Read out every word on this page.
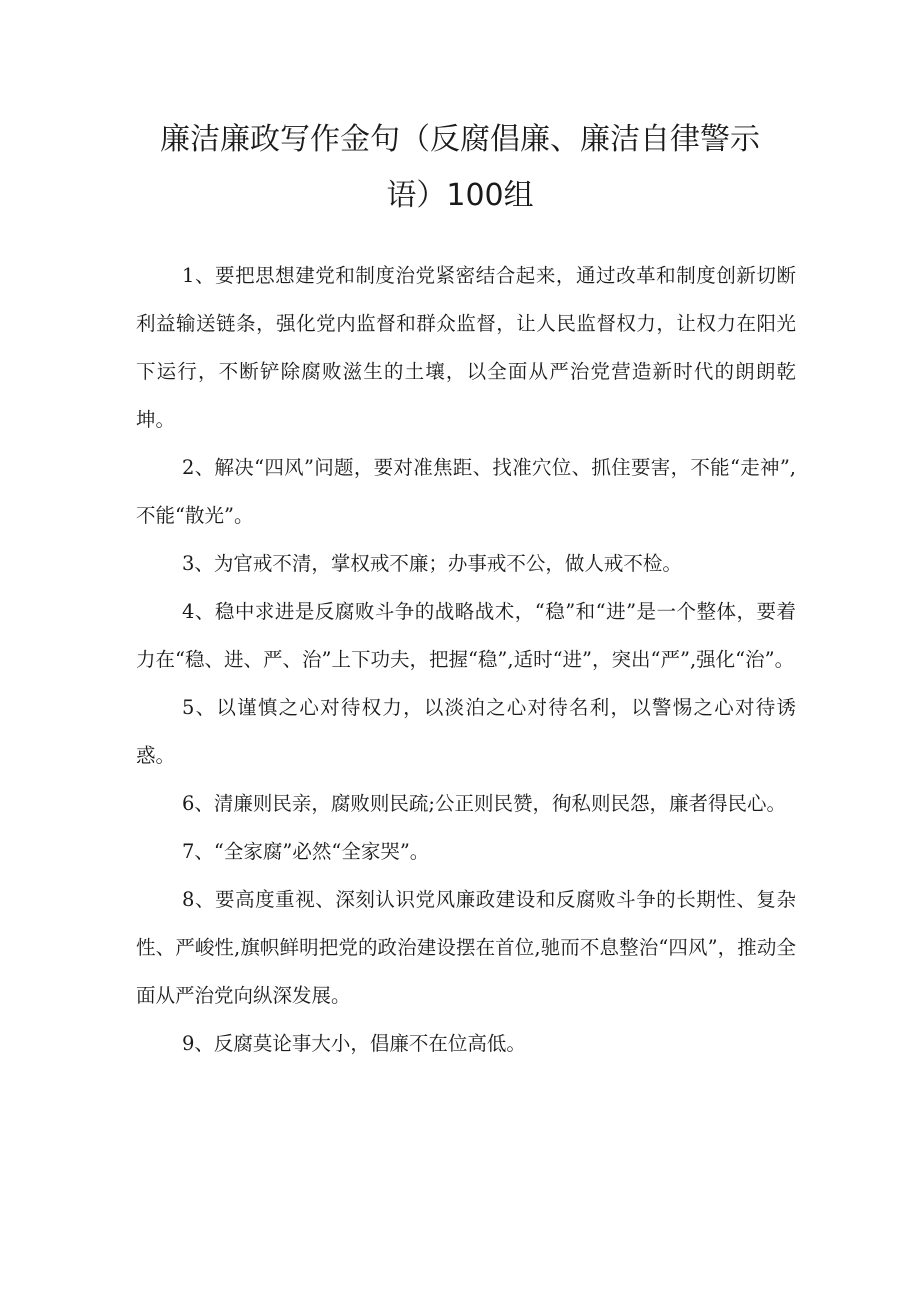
廉洁廉政写作金句（反腐倡廉、廉洁自律警示
语）100组

1、要把思想建党和制度治党紧密结合起来，通过改革和制度创新切断利益输送链条，强化党内监督和群众监督，让人民监督权力，让权力在阳光下运行，不断铲除腐败滋生的土壤，以全面从严治党营造新时代的朗朗乾坤。

2、解决“四风”问题，要对准焦距、找准穴位、抓住要害，不能“走神”,不能“散光”。

3、为官戒不清，掌权戒不廉；办事戒不公，做人戒不检。

4、稳中求进是反腐败斗争的战略战术，“稳”和“进”是一个整体，要着力在“稳、进、严、治”上下功夫，把握“稳”,适时“进”，突出“严”,强化“治”。

5、以谨慎之心对待权力，以淡泊之心对待名利，以警惕之心对待诱惑。

6、清廉则民亲，腐败则民疏;公正则民赞，徇私则民怨，廉者得民心。

7、“全家腐”必然“全家哭”。

8、要高度重视、深刻认识党风廉政建设和反腐败斗争的长期性、复杂性、严峻性,旗帜鲜明把党的政治建设摆在首位,驰而不息整治“四风”，推动全面从严治党向纵深发展。

9、反腐莫论事大小，倡廉不在位高低。
